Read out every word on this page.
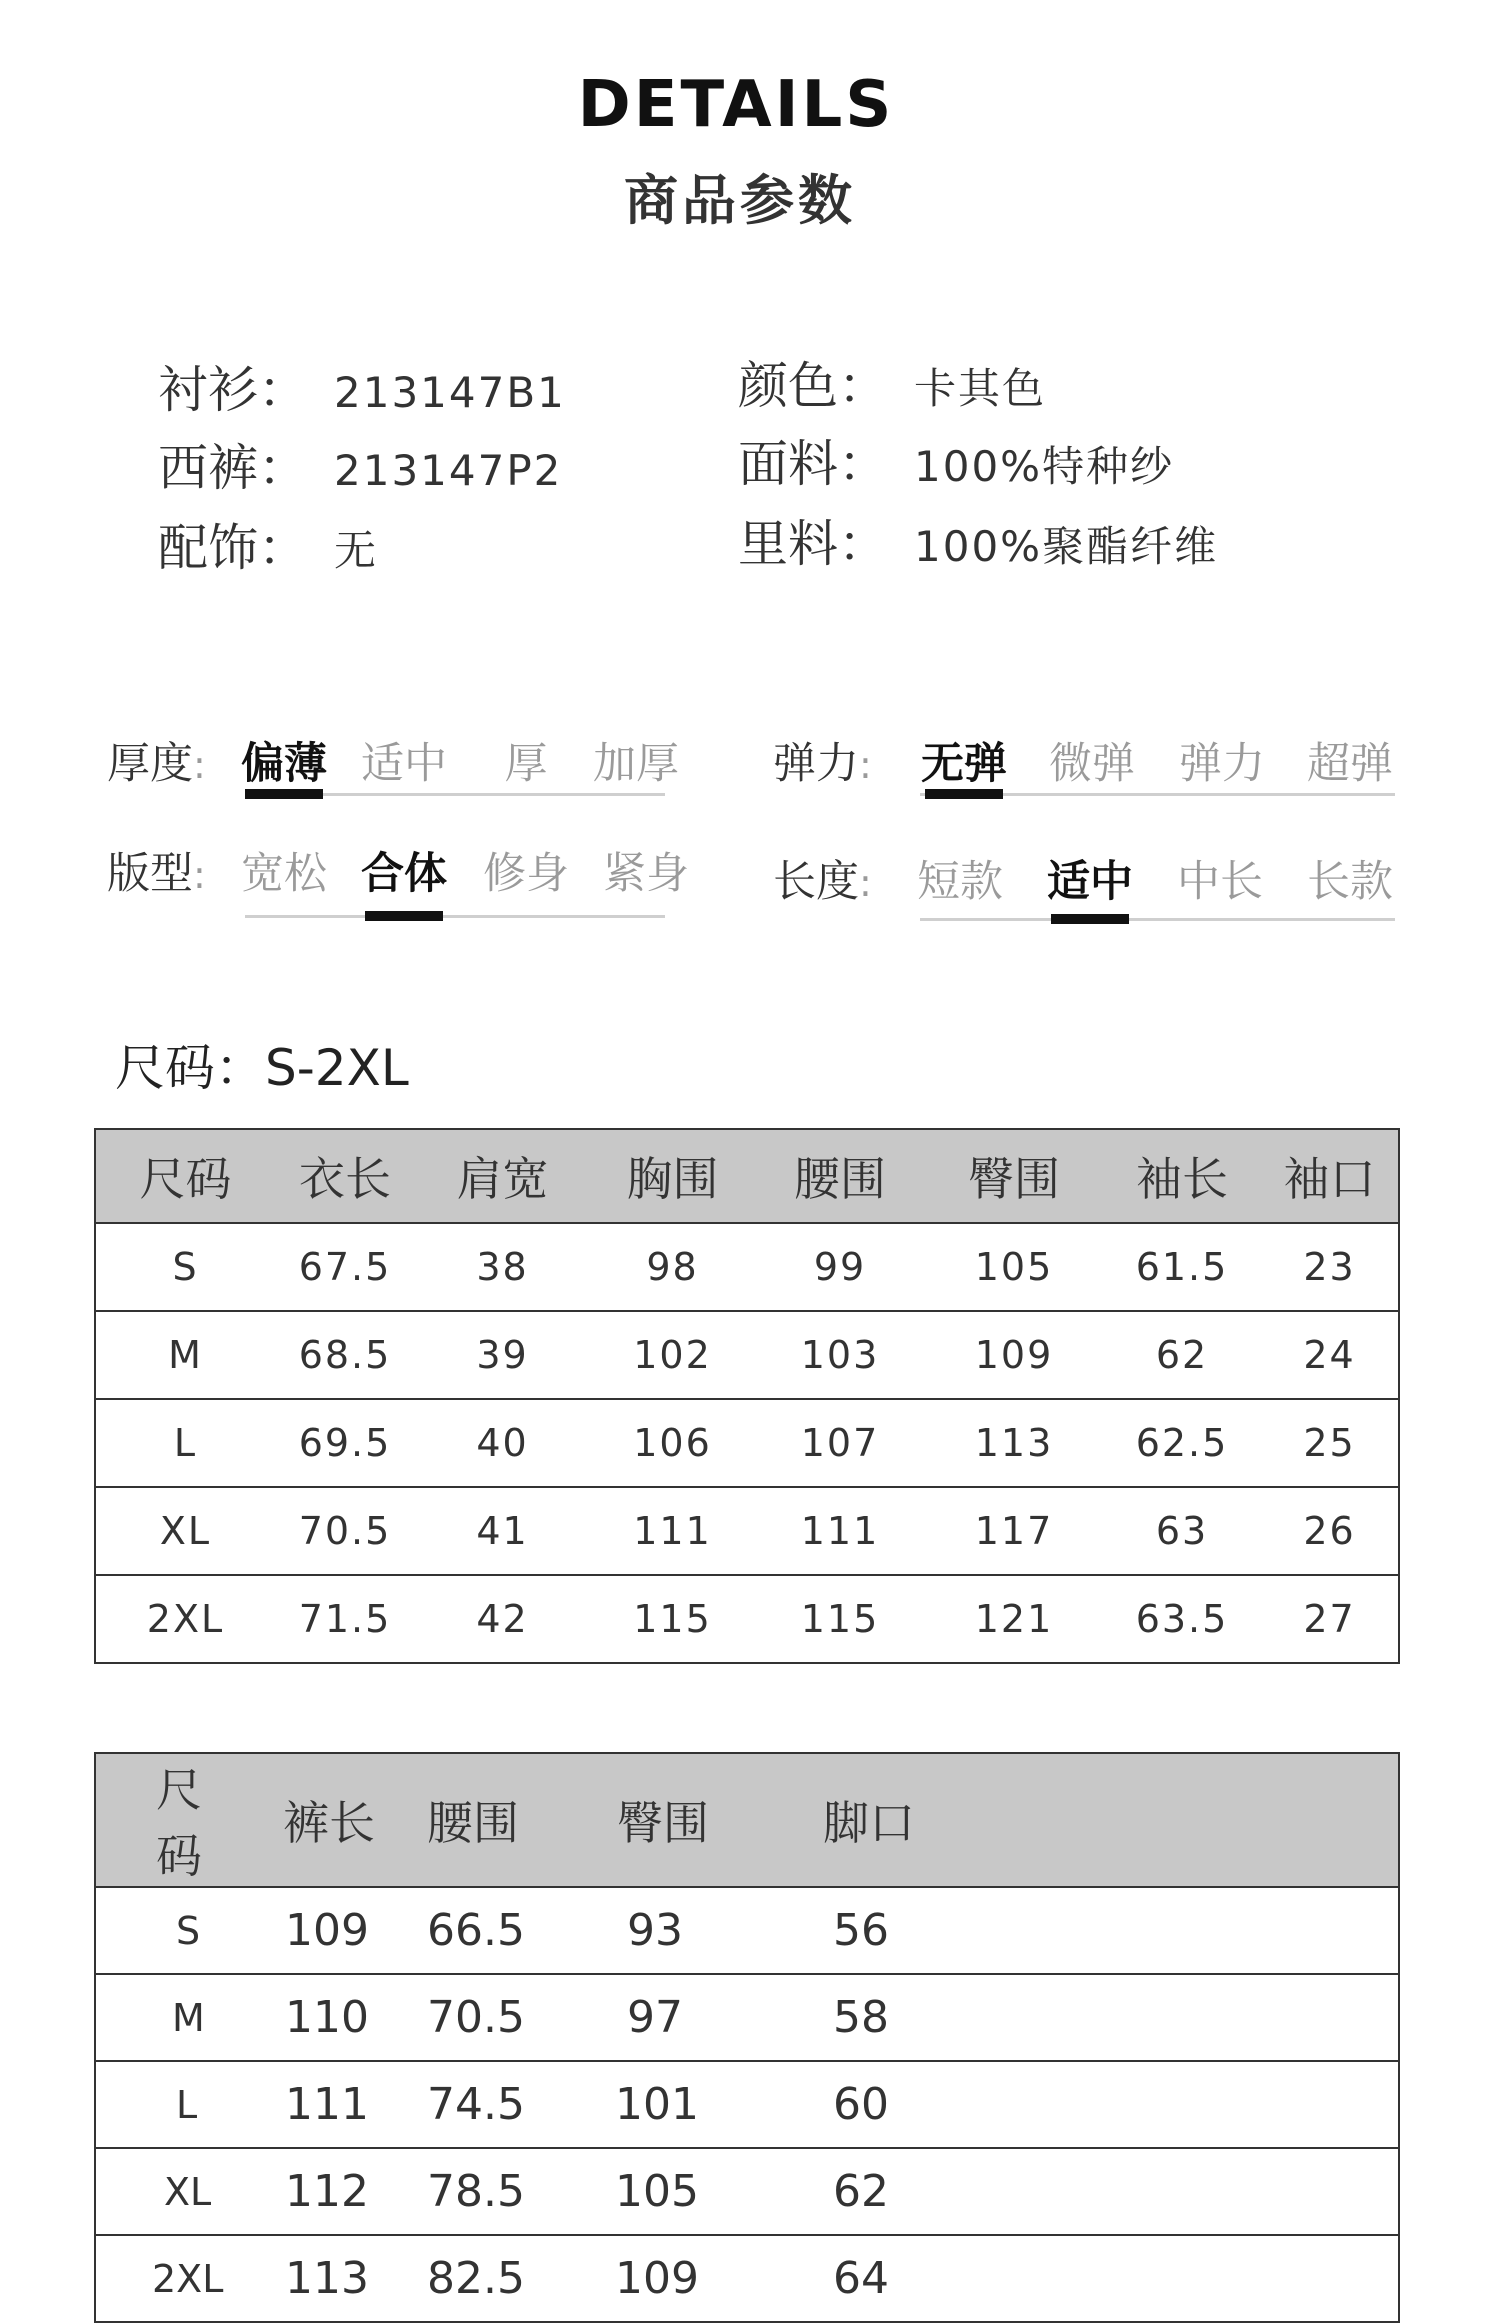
DETAILS
商品参数
衬衫 ： 213147B1
西裤 ： 213147P2
配饰 ： 无
颜色 ： 卡其色
面料 ： 100%特种纱
里料 ： 100%聚酯纤维
厚度: 偏薄 适中 厚 加厚 弹力: 无弹 微弹 弹力 超弹
版型: 宽松 合体 修身 紧身 长度: 短款 适中 中长 长款
尺码：S-2XL
尺码	衣长	肩宽	胸围	腰围	臀围	袖长	袖口
S	67.5	38	98	99	105	61.5	23
M	68.5	39	102	103	109	62	24
L	69.5	40	106	107	113	62.5	25
XL	70.5	41	111	111	117	63	26
2XL	71.5	42	115	115	121	63.5	27
尺码	裤长	腰围	臀围	脚口
S	109	66.5	93	56
M	110	70.5	97	58
L	111	74.5	101	60
XL	112	78.5	105	62
2XL	113	82.5	109	64
